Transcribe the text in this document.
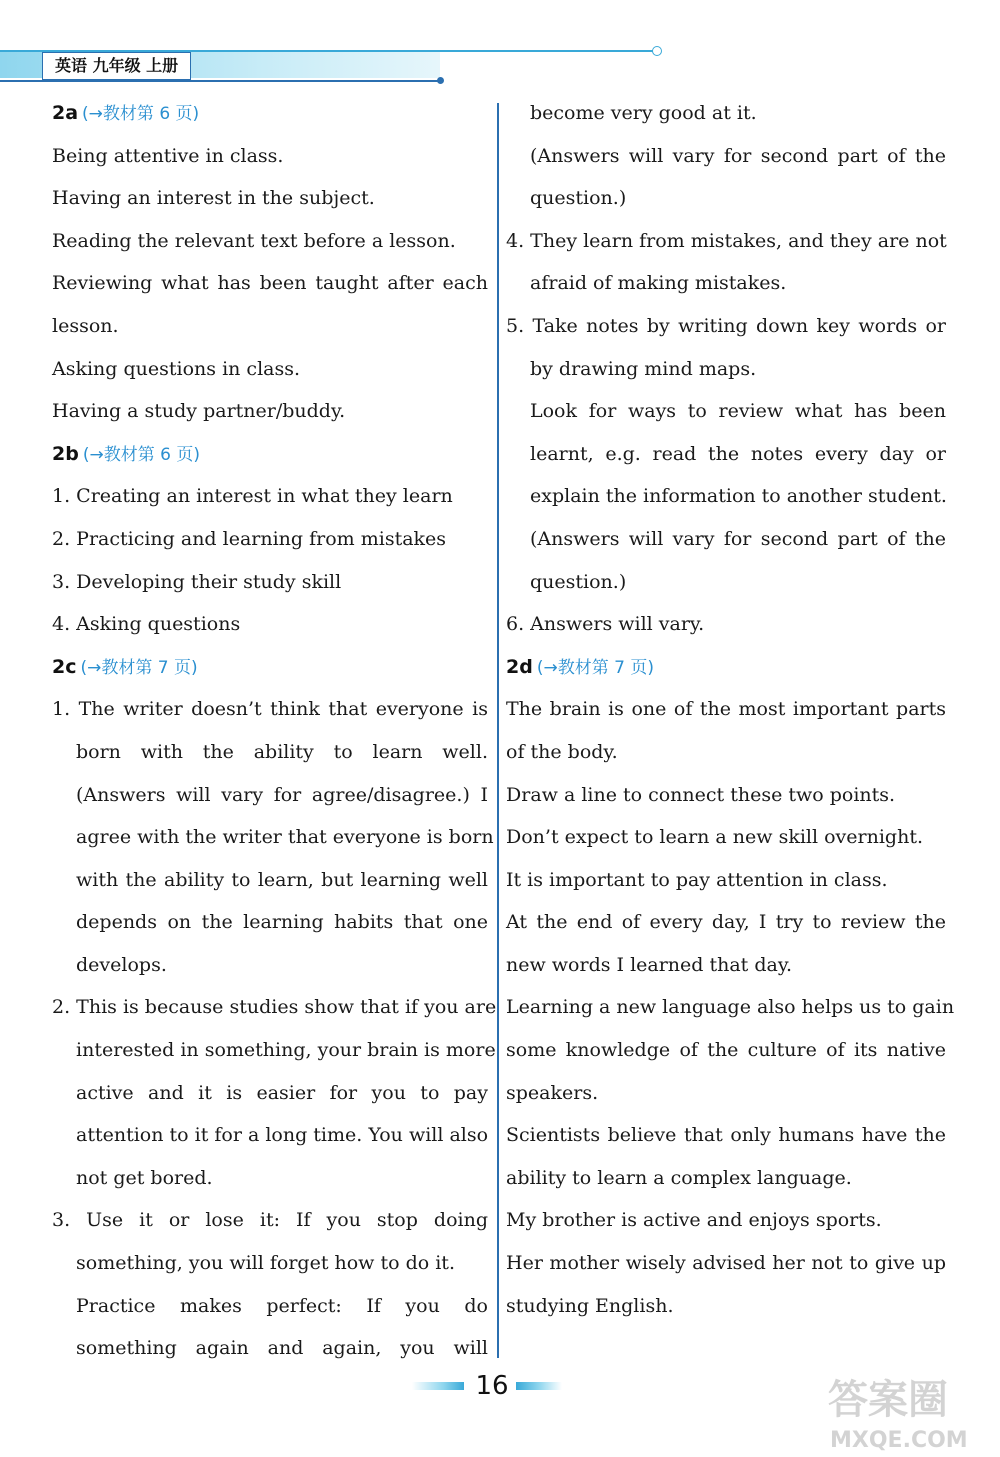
英语 九年级 上册
2a (→教材第 6 页)
Being attentive in class.
Having an interest in the subject.
Reading the relevant text before a lesson.
Reviewing what has been taught after each
lesson.
Asking questions in class.
Having a study partner/buddy.
2b (→教材第 6 页)
1. Creating an interest in what they learn
2. Practicing and learning from mistakes
3. Developing their study skill
4. Asking questions
2c (→教材第 7 页)
1. The writer doesn’t think that everyone is
born with the ability to learn well.
(Answers will vary for agree/disagree.) I
agree with the writer that everyone is born
with the ability to learn, but learning well
depends on the learning habits that one
develops.
2. This is because studies show that if you are
interested in something, your brain is more
active and it is easier for you to pay
attention to it for a long time. You will also
not get bored.
3. Use it or lose it: If you stop doing
something, you will forget how to do it.
Practice makes perfect: If you do
something again and again, you will
become very good at it.
(Answers will vary for second part of the
question.)
4. They learn from mistakes, and they are not
afraid of making mistakes.
5. Take notes by writing down key words or
by drawing mind maps.
Look for ways to review what has been
learnt, e.g. read the notes every day or
explain the information to another student.
(Answers will vary for second part of the
question.)
6. Answers will vary.
2d (→教材第 7 页)
The brain is one of the most important parts
of the body.
Draw a line to connect these two points.
Don’t expect to learn a new skill overnight.
It is important to pay attention in class.
At the end of every day, I try to review the
new words I learned that day.
Learning a new language also helps us to gain
some knowledge of the culture of its native
speakers.
Scientists believe that only humans have the
ability to learn a complex language.
My brother is active and enjoys sports.
Her mother wisely advised her not to give up
studying English.
16	答案圈
MXQE.COM
